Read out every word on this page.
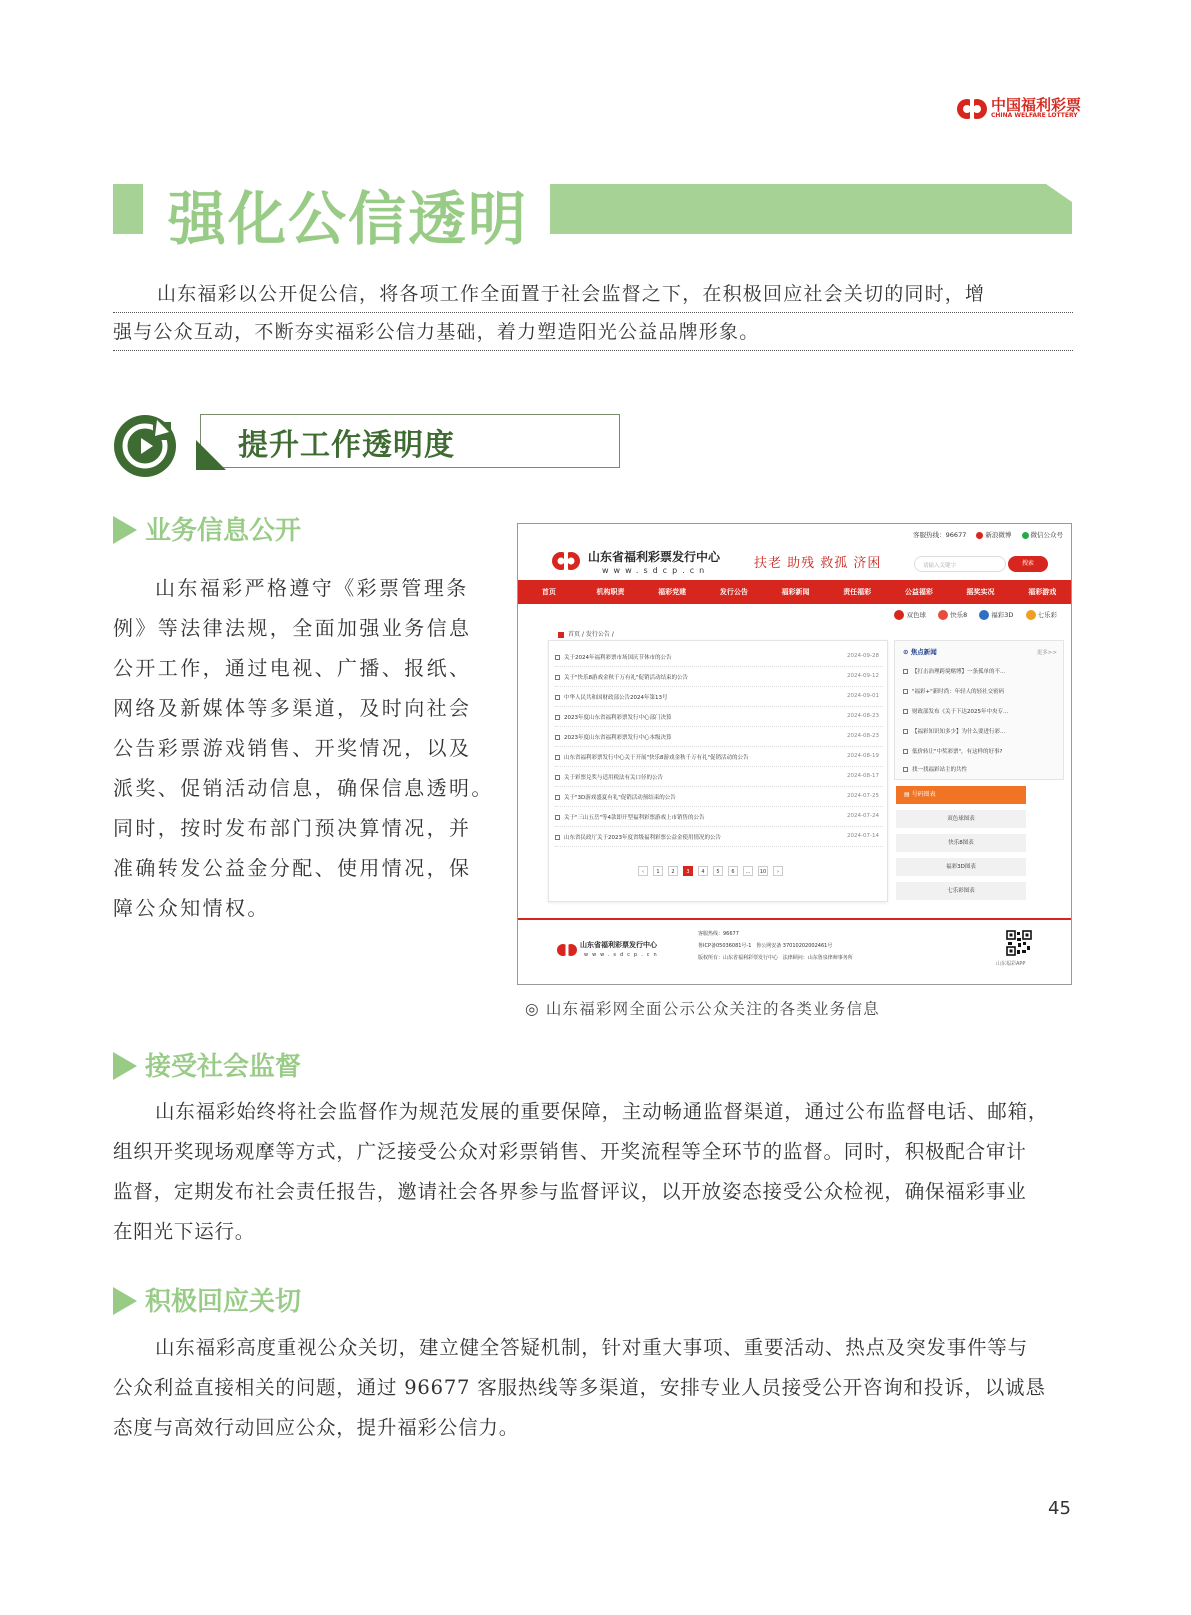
中国福利彩票
CHINA WELFARE LOTTERY
强化公信透明
山东福彩以公开促公信，将各项工作全面置于社会监督之下，在积极回应社会关切的同时，增
强与公众互动，不断夯实福彩公信力基础，着力塑造阳光公益品牌形象。
提升工作透明度
业务信息公开
山东福彩严格遵守《彩票管理条
例》等法律法规，全面加强业务信息
公开工作，通过电视、广播、报纸、
网络及新媒体等多渠道，及时向社会
公告彩票游戏销售、开奖情况，以及
派奖、促销活动信息，确保信息透明。
同时，按时发布部门预决算情况，并
准确转发公益金分配、使用情况，保
障公众知情权。
客服热线：96677	新浪微博	微信公众号
山东省福利彩票发行中心
www.sdcp.cn	扶老 助残 救孤 济困	请输入关键字	搜索
首页	机构职责	福彩党建	发行公告	福彩新闻	责任福彩	公益福彩	摇奖实况	福彩游戏
双色球	快乐8	福彩3D	七乐彩
首页 / 发行公告 /
关于2024年福利彩票市场国庆节休市的公告	2024-09-28
关于"快乐8游戏金秋千万有礼"促销活动结束的公告	2024-09-12
中华人民共和国财政部公告2024年第13号	2024-09-01
2023年度山东省福利彩票发行中心部门决算	2024-08-23
2023年度山东省福利彩票发行中心本级决算	2024-08-23
山东省福利彩票发行中心关于开展"快乐8游戏金秋千万有礼"促销活动的公告	2024-08-19
关于彩票兑奖与适用税法有关口径的公告	2024-08-17
关于"3D游戏盛夏有礼"促销活动预结束的公告	2024-07-25
关于"三山五岳"等4款即开型福利彩票游戏上市销售的公告	2024-07-24
山东省民政厅关于2023年度省级福利彩票公益金使用情况的公告	2024-07-14
‹ 1 2 3 4 5 6 … 10 ›
⊙ 焦点新闻	更多>>
【打击治理跨境赌博】一条孤单的不…
"福彩+"新时尚：年轻人的轻社交密码
财政部发布《关于下达2025年中央专…
【福彩知识知多少】为什么要进行彩…
低价转让"中奖彩票"，有这样的好事?
找一找福彩站主的共性
▤ 号码图表
双色球图表
快乐8图表
福彩3D图表
七乐彩图表
山东省福利彩票发行中心
www.sdcp.cn
客服热线：96677
鲁ICP备05036081号-1 鲁公网安备 37010202002461号
版权所有：山东省福利彩票发行中心 法律顾问：山东鲁泉律师事务所
山东福彩APP
◎ 山东福彩网全面公示公众关注的各类业务信息
接受社会监督
山东福彩始终将社会监督作为规范发展的重要保障，主动畅通监督渠道，通过公布监督电话、邮箱，
组织开奖现场观摩等方式，广泛接受公众对彩票销售、开奖流程等全环节的监督。同时，积极配合审计
监督，定期发布社会责任报告，邀请社会各界参与监督评议，以开放姿态接受公众检视，确保福彩事业
在阳光下运行。
积极回应关切
山东福彩高度重视公众关切，建立健全答疑机制，针对重大事项、重要活动、热点及突发事件等与
公众利益直接相关的问题，通过 96677 客服热线等多渠道，安排专业人员接受公开咨询和投诉，以诚恳
态度与高效行动回应公众，提升福彩公信力。
45
